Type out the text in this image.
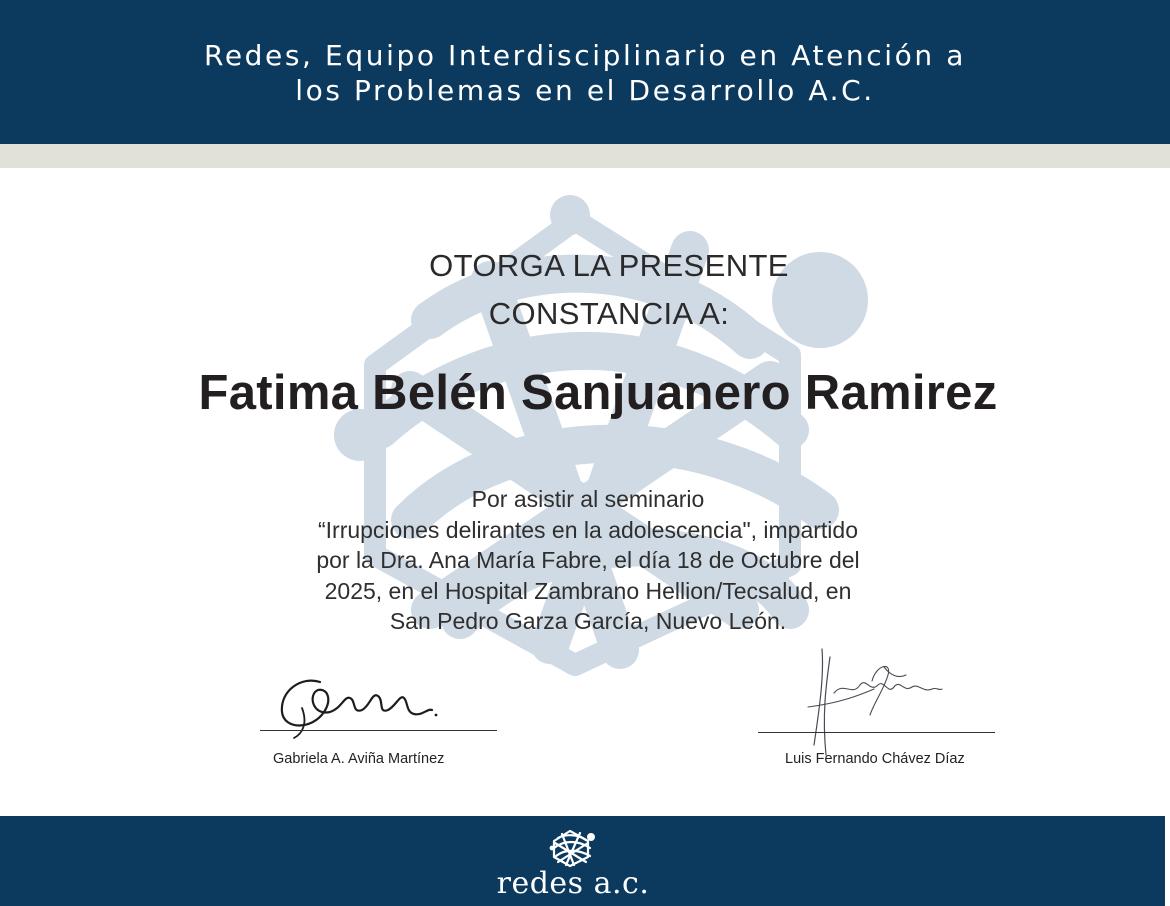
Redes, Equipo Interdisciplinario en Atención a
los Problemas en el Desarrollo A.C.
OTORGA LA PRESENTE
CONSTANCIA A:
Fatima Belén Sanjuanero Ramirez
Por asistir al seminario
“Irrupciones delirantes en la adolescencia", impartido
por la Dra. Ana María Fabre, el día 18 de Octubre del
2025, en el Hospital Zambrano Hellion/Tecsalud, en
San Pedro Garza García, Nuevo León.
Gabriela A. Aviña Martínez	Luis Fernando Chávez Díaz
redes a.c.
